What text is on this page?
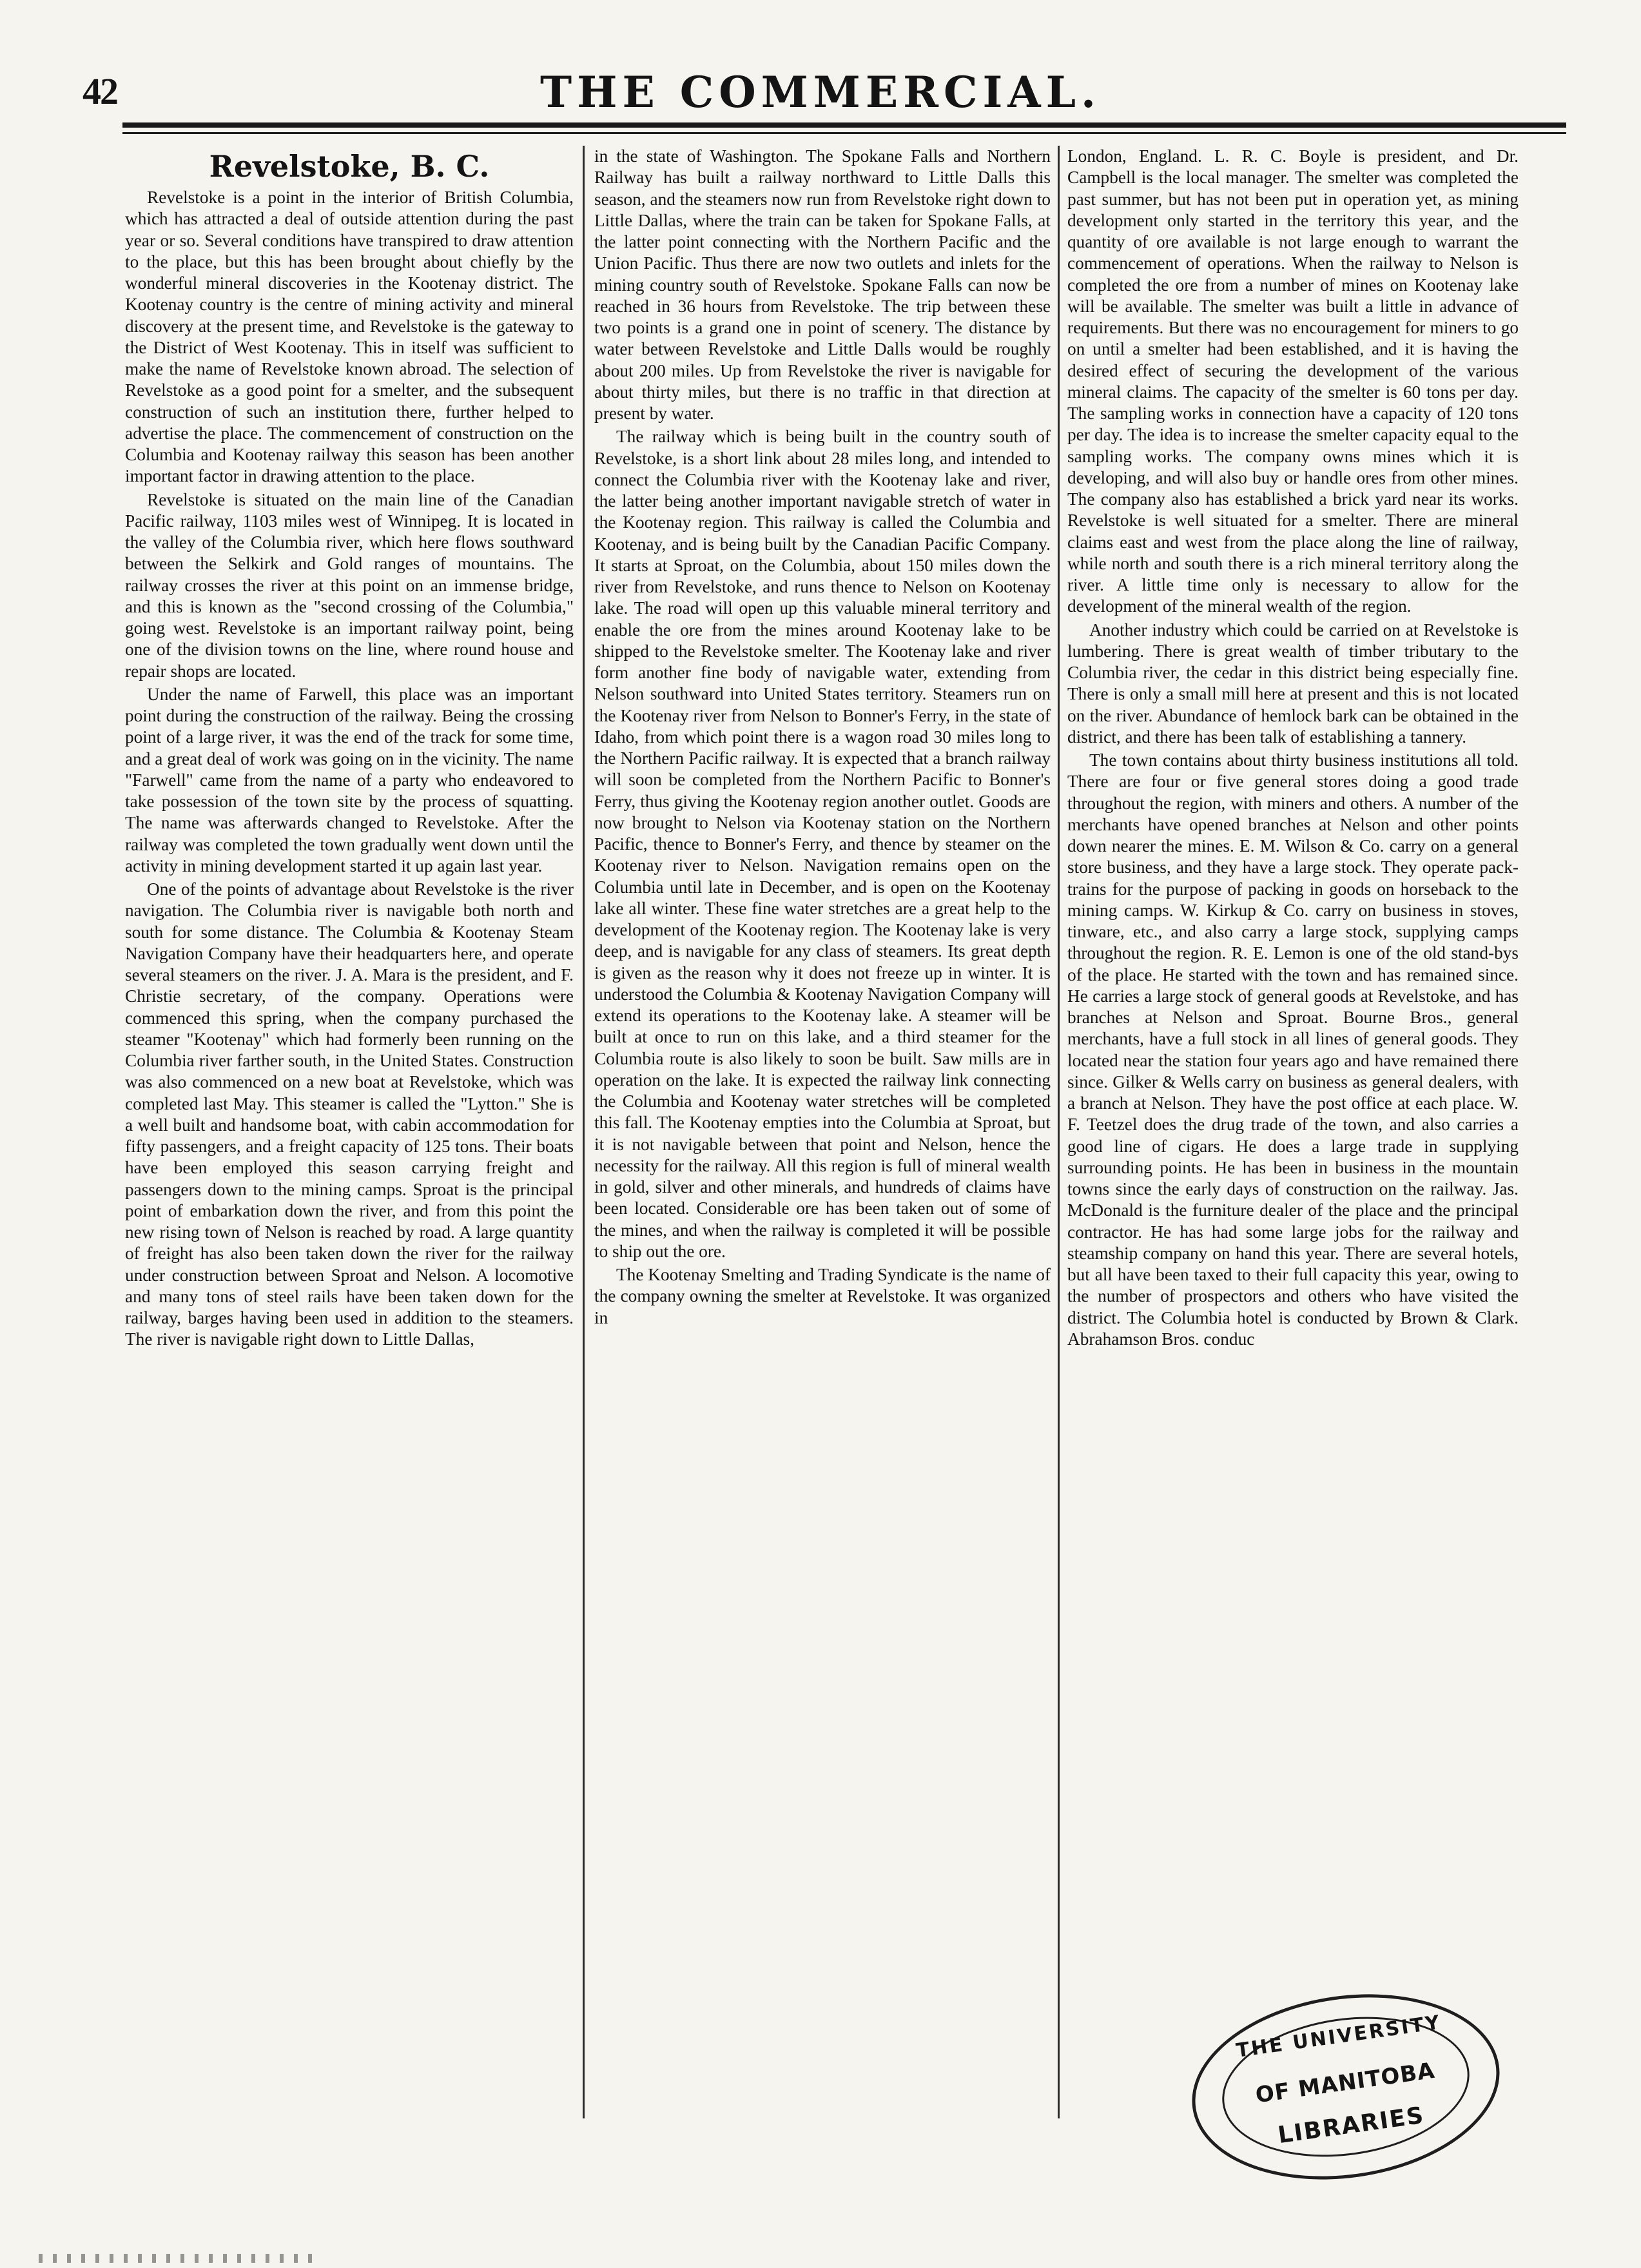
42	THE COMMERCIAL.
Revelstoke, B. C.

Revelstoke is a point in the interior of British Columbia, which has attracted a deal of outside attention during the past year or so. Several conditions have transpired to draw attention to the place, but this has been brought about chiefly by the wonderful mineral discoveries in the Kootenay district. The Kootenay country is the centre of mining activity and mineral discovery at the present time, and Revelstoke is the gateway to the District of West Kootenay. This in itself was sufficient to make the name of Revelstoke known abroad. The selection of Revelstoke as a good point for a smelter, and the subsequent construction of such an institution there, further helped to advertise the place. The commencement of construction on the Columbia and Kootenay railway this season has been another important factor in drawing attention to the place.

Revelstoke is situated on the main line of the Canadian Pacific railway, 1103 miles west of Winnipeg. It is located in the valley of the Columbia river, which here flows southward between the Selkirk and Gold ranges of mountains. The railway crosses the river at this point on an immense bridge, and this is known as the "second crossing of the Columbia," going west. Revelstoke is an important railway point, being one of the division towns on the line, where round house and repair shops are located.

Under the name of Farwell, this place was an important point during the construction of the railway. Being the crossing point of a large river, it was the end of the track for some time, and a great deal of work was going on in the vicinity. The name "Farwell" came from the name of a party who endeavored to take possession of the town site by the process of squatting. The name was afterwards changed to Revelstoke. After the railway was completed the town gradually went down until the activity in mining development started it up again last year.

One of the points of advantage about Revelstoke is the river navigation. The Columbia river is navigable both north and south for some distance. The Columbia & Kootenay Steam Navigation Company have their headquarters here, and operate several steamers on the river. J. A. Mara is the president, and F. Christie secretary, of the company. Operations were commenced this spring, when the company purchased the steamer "Kootenay" which had formerly been running on the Columbia river farther south, in the United States. Construction was also commenced on a new boat at Revelstoke, which was completed last May. This steamer is called the "Lytton." She is a well built and handsome boat, with cabin accommodation for fifty passengers, and a freight capacity of 125 tons. Their boats have been employed this season carrying freight and passengers down to the mining camps. Sproat is the principal point of embarkation down the river, and from this point the new rising town of Nelson is reached by road. A large quantity of freight has also been taken down the river for the railway under construction between Sproat and Nelson. A locomotive and many tons of steel rails have been taken down for the railway, barges having been used in addition to the steamers. The river is navigable right down to Little Dallas,

in the state of Washington. The Spokane Falls and Northern Railway has built a railway northward to Little Dalls this season, and the steamers now run from Revelstoke right down to Little Dallas, where the train can be taken for Spokane Falls, at the latter point connecting with the Northern Pacific and the Union Pacific. Thus there are now two outlets and inlets for the mining country south of Revelstoke. Spokane Falls can now be reached in 36 hours from Revelstoke. The trip between these two points is a grand one in point of scenery. The distance by water between Revelstoke and Little Dalls would be roughly about 200 miles. Up from Revelstoke the river is navigable for about thirty miles, but there is no traffic in that direction at present by water.

The railway which is being built in the country south of Revelstoke, is a short link about 28 miles long, and intended to connect the Columbia river with the Kootenay lake and river, the latter being another important navigable stretch of water in the Kootenay region. This railway is called the Columbia and Kootenay, and is being built by the Canadian Pacific Company. It starts at Sproat, on the Columbia, about 150 miles down the river from Revelstoke, and runs thence to Nelson on Kootenay lake. The road will open up this valuable mineral territory and enable the ore from the mines around Kootenay lake to be shipped to the Revelstoke smelter. The Kootenay lake and river form another fine body of navigable water, extending from Nelson southward into United States territory. Steamers run on the Kootenay river from Nelson to Bonner's Ferry, in the state of Idaho, from which point there is a wagon road 30 miles long to the Northern Pacific railway. It is expected that a branch railway will soon be completed from the Northern Pacific to Bonner's Ferry, thus giving the Kootenay region another outlet. Goods are now brought to Nelson via Kootenay station on the Northern Pacific, thence to Bonner's Ferry, and thence by steamer on the Kootenay river to Nelson. Navigation remains open on the Columbia until late in December, and is open on the Kootenay lake all winter. These fine water stretches are a great help to the development of the Kootenay region. The Kootenay lake is very deep, and is navigable for any class of steamers. Its great depth is given as the reason why it does not freeze up in winter. It is understood the Columbia & Kootenay Navigation Company will extend its operations to the Kootenay lake. A steamer will be built at once to run on this lake, and a third steamer for the Columbia route is also likely to soon be built. Saw mills are in operation on the lake. It is expected the railway link connecting the Columbia and Kootenay water stretches will be completed this fall. The Kootenay empties into the Columbia at Sproat, but it is not navigable between that point and Nelson, hence the necessity for the railway. All this region is full of mineral wealth in gold, silver and other minerals, and hundreds of claims have been located. Considerable ore has been taken out of some of the mines, and when the railway is completed it will be possible to ship out the ore.

The Kootenay Smelting and Trading Syndicate is the name of the company owning the smelter at Revelstoke. It was organized in

London, England. L. R. C. Boyle is president, and Dr. Campbell is the local manager. The smelter was completed the past summer, but has not been put in operation yet, as mining development only started in the territory this year, and the quantity of ore available is not large enough to warrant the commencement of operations. When the railway to Nelson is completed the ore from a number of mines on Kootenay lake will be available. The smelter was built a little in advance of requirements. But there was no encouragement for miners to go on until a smelter had been established, and it is having the desired effect of securing the development of the various mineral claims. The capacity of the smelter is 60 tons per day. The sampling works in connection have a capacity of 120 tons per day. The idea is to increase the smelter capacity equal to the sampling works. The company owns mines which it is developing, and will also buy or handle ores from other mines. The company also has established a brick yard near its works. Revelstoke is well situated for a smelter. There are mineral claims east and west from the place along the line of railway, while north and south there is a rich mineral territory along the river. A little time only is necessary to allow for the development of the mineral wealth of the region.

Another industry which could be carried on at Revelstoke is lumbering. There is great wealth of timber tributary to the Columbia river, the cedar in this district being especially fine. There is only a small mill here at present and this is not located on the river. Abundance of hemlock bark can be obtained in the district, and there has been talk of establishing a tannery.

The town contains about thirty business institutions all told. There are four or five general stores doing a good trade throughout the region, with miners and others. A number of the merchants have opened branches at Nelson and other points down nearer the mines. E. M. Wilson & Co. carry on a general store business, and they have a large stock. They operate pack-trains for the purpose of packing in goods on horseback to the mining camps. W. Kirkup & Co. carry on business in stoves, tinware, etc., and also carry a large stock, supplying camps throughout the region. R. E. Lemon is one of the old stand-bys of the place. He started with the town and has remained since. He carries a large stock of general goods at Revelstoke, and has branches at Nelson and Sproat. Bourne Bros., general merchants, have a full stock in all lines of general goods. They located near the station four years ago and have remained there since. Gilker & Wells carry on business as general dealers, with a branch at Nelson. They have the post office at each place. W. F. Teetzel does the drug trade of the town, and also carries a good line of cigars. He does a large trade in supplying surrounding points. He has been in business in the mountain towns since the early days of construction on the railway. Jas. McDonald is the furniture dealer of the place and the principal contractor. He has had some large jobs for the railway and steamship company on hand this year. There are several hotels, but all have been taxed to their full capacity this year, owing to the number of prospectors and others who have visited the district. The Columbia hotel is conducted by Brown & Clark. Abrahamson Bros. conduc

THE UNIVERSITY
OF MANITOBA
LIBRARIES
